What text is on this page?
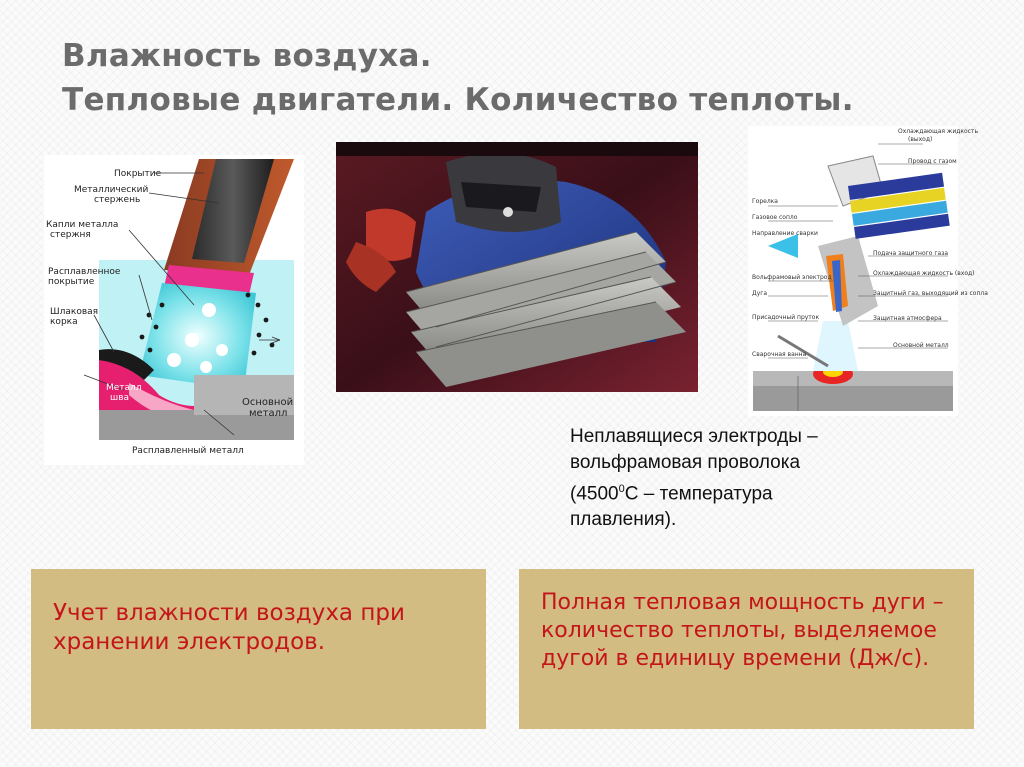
Влажность воздуха.
Тепловые двигатели. Количество теплоты.
Покрытие
Металлический
стержень
Капли металла
стержня
Расплавленное
покрытие
Шлаковая
корка
Металл
шва	Основной
металл
Расплавленный металл
Охлаждающая жидкость
(выход)
Провод с газом
Горелка
Газовое сопло
Направление сварки
Подача защитного газа
Вольфрамовый электрод
Охлаждающая жидкость (вход)
Дуга	Защитный газ, выходящий из сопла
Присадочный пруток	Защитная атмосфера
Сварочная ванна
Основной металл
Неплавящиеся электроды –
вольфрамовая проволока
(4500$^0$С – температура
плавления).
Учет влажности воздуха при хранении электродов.
Полная тепловая мощность дуги – количество теплоты, выделяемое дугой в единицу времени (Дж/с).
